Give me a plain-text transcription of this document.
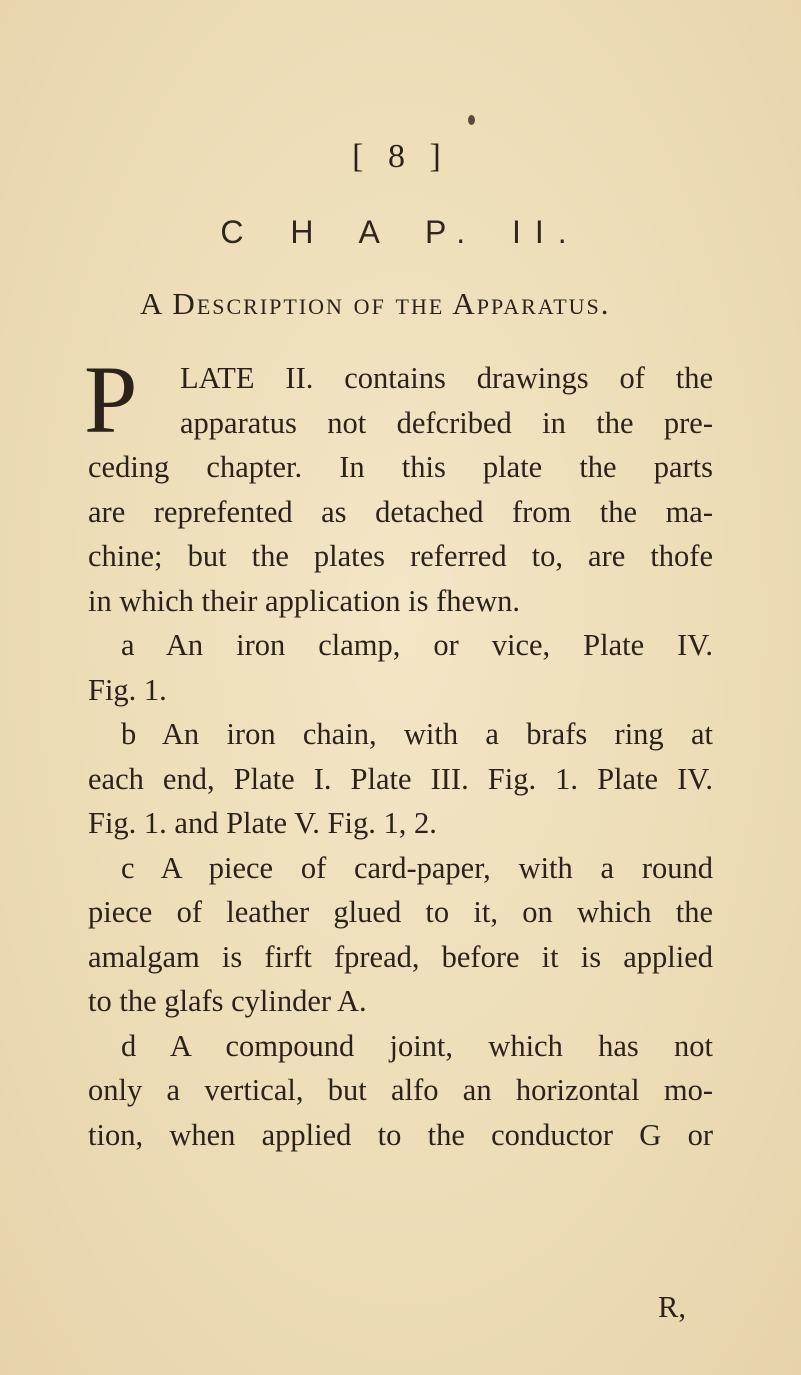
[ 8 ]
C H A P. II.
A Description of the Apparatus.
P	LATE II. contains drawings of the
apparatus not defcribed in the pre-
ceding chapter. In this plate the parts
are reprefented as detached from the ma-
chine; but the plates referred to, are thofe
in which their application is fhewn.
a An iron clamp, or vice, Plate IV.
Fig. 1.
b An iron chain, with a brafs ring at
each end, Plate I. Plate III. Fig. 1. Plate IV.
Fig. 1. and Plate V. Fig. 1, 2.
c A piece of card-paper, with a round
piece of leather glued to it, on which the
amalgam is firft fpread, before it is applied
to the glafs cylinder A.
d A compound joint, which has not
only a vertical, but alfo an horizontal mo-
tion, when applied to the conductor G or
R,
